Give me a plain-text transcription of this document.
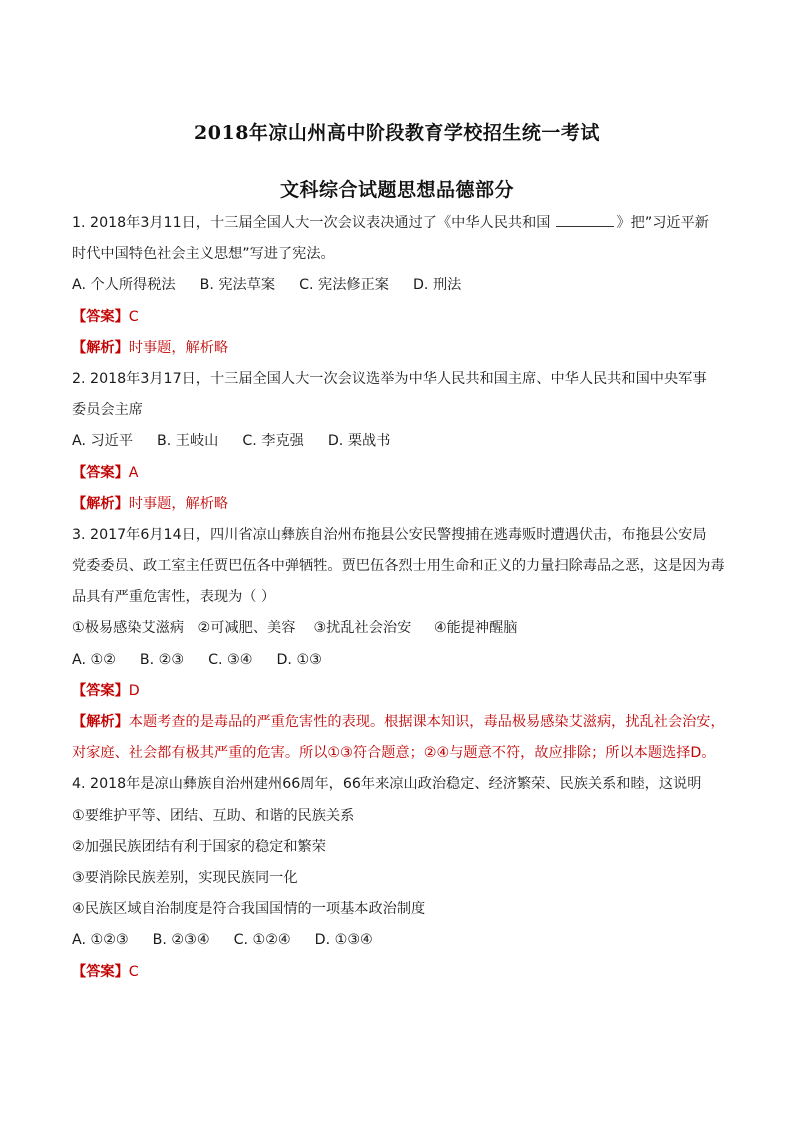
2018年凉山州高中阶段教育学校招生统一考试
文科综合试题思想品德部分
1. 2018年3月11日，十三届全国人大一次会议表决通过了《中华人民共和国	》把”习近平新
时代中国特色社会主义思想”写进了宪法。
A. 个人所得税法 B. 宪法草案 C. 宪法修正案 D. 刑法
【答案】C
【解析】时事题，解析略
2. 2018年3月17日，十三届全国人大一次会议选举为中华人民共和国主席、中华人民共和国中央军事
委员会主席
A. 习近平 B. 王岐山 C. 李克强 D. 栗战书
【答案】A
【解析】时事题，解析略
3. 2017年6月14日，四川省凉山彝族自治州布拖县公安民警搜捕在逃毒贩时遭遇伏击，布拖县公安局
党委委员、政工室主任贾巴伍各中弹牺牲。贾巴伍各烈士用生命和正义的力量扫除毒品之恶，这是因为毒
品具有严重危害性，表现为（ ）
①极易感染艾滋病   ②可减肥、美容    ③扰乱社会治安     ④能提神醒脑
A. ①② B. ②③ C. ③④ D. ①③
【答案】D
【解析】本题考查的是毒品的严重危害性的表现。根据课本知识，毒品极易感染艾滋病，扰乱社会治安，
对家庭、社会都有极其严重的危害。所以①③符合题意；②④与题意不符，故应排除；所以本题选择D。
4. 2018年是凉山彝族自治州建州66周年，66年来凉山政治稳定、经济繁荣、民族关系和睦，这说明
①要维护平等、团结、互助、和谐的民族关系
②加强民族团结有利于国家的稳定和繁荣
③要消除民族差别，实现民族同一化
④民族区域自治制度是符合我国国情的一项基本政治制度
A. ①②③ B. ②③④ C. ①②④ D. ①③④
【答案】C
